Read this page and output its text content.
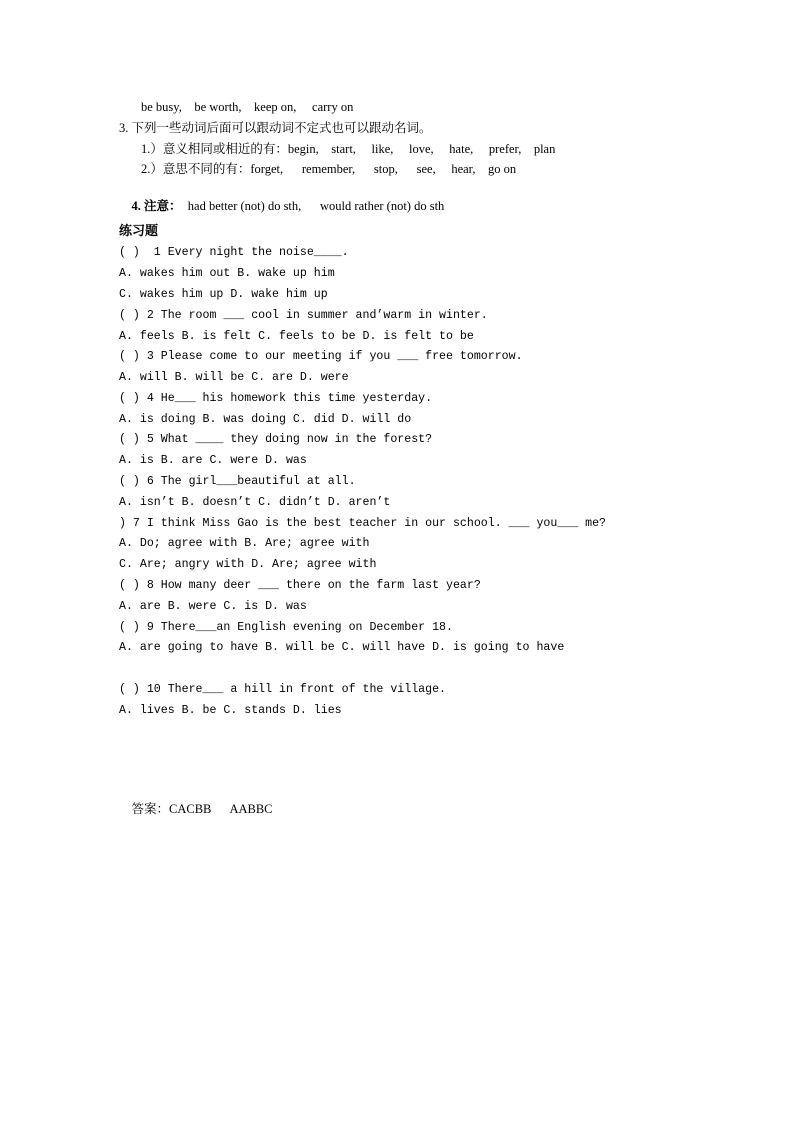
be busy,    be worth,    keep on,     carry on
3. 下列一些动词后面可以跟动词不定式也可以跟动名词。
1.）意义相同或相近的有：begin,    start,     like,     love,     hate,     prefer,    plan
2.）意思不同的有：forget,      remember,      stop,      see,     hear,    go on

4. 注意： had better (not) do sth,      would rather (not) do sth

练习题
( )  1 Every night the noise____.
A. wakes him out B. wake up him
C. wakes him up D. wake him up
( ) 2 The room ___ cool in summer and’warm in winter.
A. feels B. is felt C. feels to be D. is felt to be
( ) 3 Please come to our meeting if you ___ free tomorrow.
A. will B. will be C. are D. were
( ) 4 He___ his homework this time yesterday.
A. is doing B. was doing C. did D. will do
( ) 5 What ____ they doing now in the forest?
A. is B. are C. were D. was
( ) 6 The girl___beautiful at all.
A. isn’t B. doesn’t C. didn’t D. aren’t
) 7 I think Miss Gao is the best teacher in our school. ___ you___ me?
A. Do; agree with B. Are; agree with
C. Are; angry with D. Are; agree with
( ) 8 How many deer ___ there on the farm last year?
A. are B. were C. is D. was
( ) 9 There___an English evening on December 18.
A. are going to have B. will be C. will have D. is going to have
( ) 10 There___ a hill in front of the village.
A. lives B. be C. stands D. lies

答案：CACBB      AABBC
